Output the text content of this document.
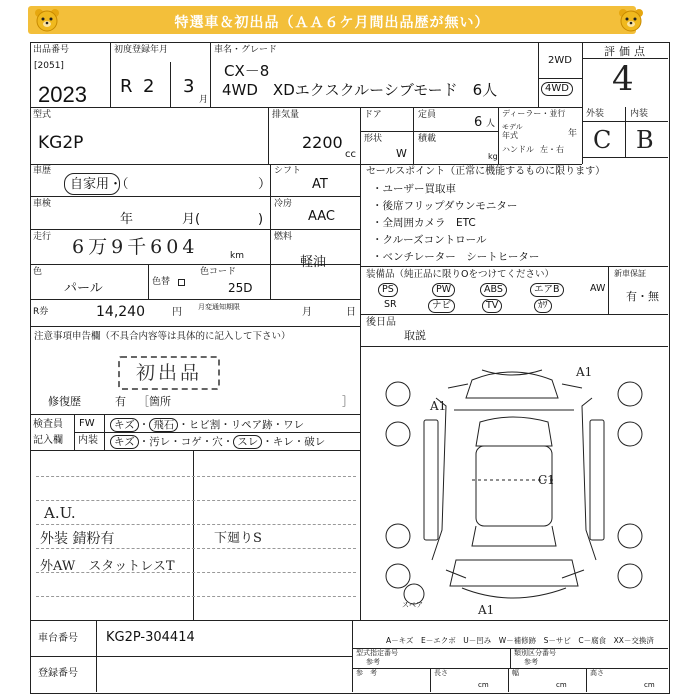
特選車＆初出品（ＡＡ６ケ月間出品歴が無い）
出品番号
[2051]
2023
初度登録年月
R 2 3
月
車名・グレード
CX－8
4WD　XDエクスクルーシブモード　6人
2WD
4WD
評価点
4
型式
KG2P
排気量
2200
cc
ドア	定員	6 人
形状
W
積載
kg
ディーラー・並行
モデル
年式	年
ハンドル 左・右
外装	内装
C B
車歴
自家用・（	）
シフト
AT
車検
年	月(	)
冷房
AAC
走行 6万9千604	km
燃料
軽油
色
パール	色替
色コード
25D
R券	14,240	円 月変通知期限	月	日
注意事項申告欄（不具合内容等は具体的に記入して下さい）
初出品
修復歴	有 ［箇所	］
検査員
記入欄
FW
内装
キズ ・ 飛石 ・ヒビ割・リペア跡・ワレ
キズ ・汚レ・コゲ・穴・ スレ ・キレ・破レ
A.U.
外装 錆粉有
外AW　スタットレスT
下廻りS
セールスポイント（正常に機能するものに限ります）
・ユーザー買取車
・後席フリップダウンモニター
・全周囲カメラ　ETC
・クルーズコントロール
・ベンチレーター　シートヒーター
装備品（純正品に限りOをつけてください）	新車保証
有・無
PS	PW	ABS	エアB	AW
SR	ナビ	TV	ｶﾜ
後日品
取説
A1
A1
C1
A1
スペア
車台番号 KG2P-304414
登録番号
A－キズ　E－エクボ　U－凹み　W－補修跡　S－サビ　C－腐食　XX－交換済
型式指定番号
参考
類別区分番号
参考
参　考	長さ
cm
幅
cm
高さ
cm
